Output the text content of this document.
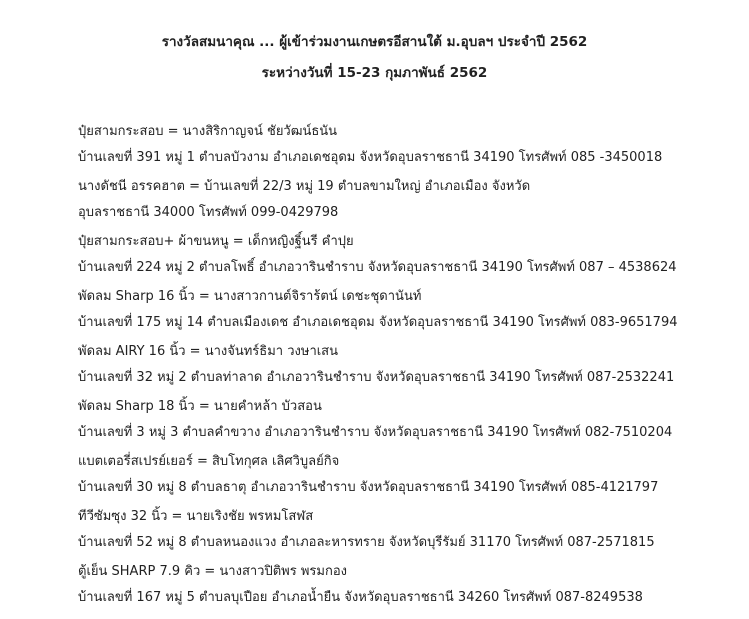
รางวัลสมนาคุณ ... ผู้เข้าร่วมงานเกษตรอีสานใต้ ม.อุบลฯ ประจำปี 2562
ระหว่างวันที่ 15-23 กุมภาพันธ์ 2562
ปุ๋ยสามกระสอบ = นางสิริกาญจน์ ชัยวัฒน์ธนัน
บ้านเลขที่ 391 หมู่ 1 ตำบลบัวงาม อำเภอเดชอุดม จังหวัดอุบลราชธานี 34190 โทรศัพท์ 085 -3450018
นางดัชนี อรรคฮาต = บ้านเลขที่ 22/3 หมู่ 19 ตำบลขามใหญ่ อำเภอเมือง จังหวัด
อุบลราชธานี 34000 โทรศัพท์ 099-0429798
ปุ๋ยสามกระสอบ+ ผ้าขนหนู = เด็กหญิงฐิ์นรี คำปุย
บ้านเลขที่ 224 หมู่ 2 ตำบลโพธิ์ อำเภอวารินชำราบ จังหวัดอุบลราชธานี 34190 โทรศัพท์ 087 – 4538624
พัดลม Sharp 16 นิ้ว = นางสาวกานต์จิราร้ตน์ เดชะชุดานันท์
บ้านเลขที่ 175 หมู่ 14 ตำบลเมืองเดช อำเภอเดชอุดม จังหวัดอุบลราชธานี 34190 โทรศัพท์ 083-9651794
พัดลม AIRY 16 นิ้ว = นางจันทร์ธิมา วงษาเสน
บ้านเลขที่ 32 หมู่ 2 ตำบลท่าลาด อำเภอวารินชำราบ จังหวัดอุบลราชธานี 34190 โทรศัพท์ 087-2532241
พัดลม Sharp 18 นิ้ว = นายคำหล้า บัวสอน
บ้านเลขที่ 3 หมู่ 3 ตำบลคำขวาง อำเภอวารินชำราบ จังหวัดอุบลราชธานี 34190 โทรศัพท์ 082-7510204
แบตเตอรี่สเปรย์เยอร์ = สิบโทกุศล เลิศวิบูลย์กิจ
บ้านเลขที่ 30 หมู่ 8 ตำบลธาตุ อำเภอวารินชำราบ จังหวัดอุบลราชธานี 34190 โทรศัพท์ 085-4121797
ทีวีซัมซุง 32 นิ้ว = นายเริงชัย พรหมโสฬส
บ้านเลขที่ 52 หมู่ 8 ตำบลหนองแวง อำเภอละหารทราย จังหวัดบุรีรัมย์ 31170 โทรศัพท์ 087-2571815
ตู้เย็น SHARP 7.9 คิว = นางสาวปิติพร พรมกอง
บ้านเลขที่ 167 หมู่ 5 ตำบลบุเปือย อำเภอน้ำยืน จังหวัดอุบลราชธานี 34260 โทรศัพท์ 087-8249538
